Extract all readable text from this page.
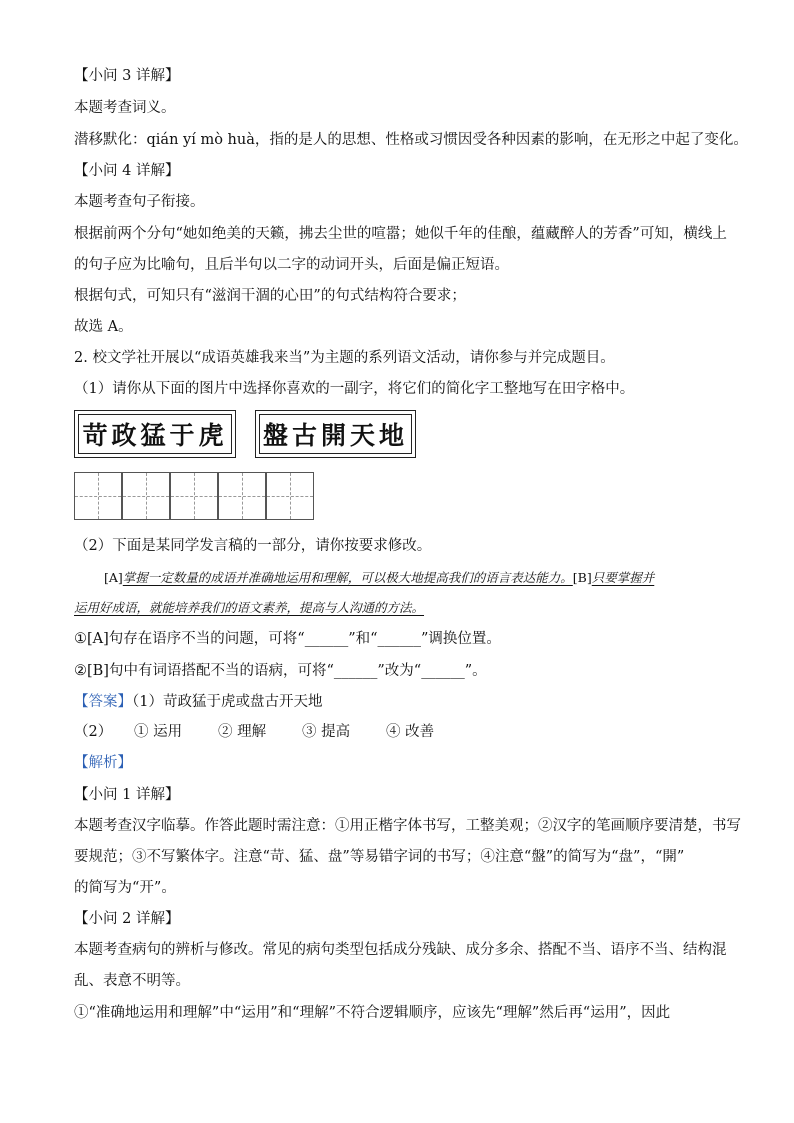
【小问 3 详解】
本题考查词义。
潜移默化：qián yí mò huà，指的是人的思想、性格或习惯因受各种因素的影响，在无形之中起了变化。
【小问 4 详解】
本题考查句子衔接。
根据前两个分句“她如绝美的天籁，拂去尘世的喧嚣；她似千年的佳酿，蕴藏醉人的芳香”可知，横线上
的句子应为比喻句，且后半句以二字的动词开头，后面是偏正短语。
根据句式，可知只有“滋润干涸的心田”的句式结构符合要求；
故选 A。
2. 校文学社开展以“成语英雄我来当”为主题的系列语文活动，请你参与并完成题目。
（1）请你从下面的图片中选择你喜欢的一副字，将它们的简化字工整地写在田字格中。
苛政猛于虎 盤古開天地
（2）下面是某同学发言稿的一部分，请你按要求修改。
[A]掌握一定数量的成语并准确地运用和理解，可以极大地提高我们的语言表达能力。[B]只要掌握并
运用好成语，就能培养我们的语文素养，提高与人沟通的方法。
①[A]句存在语序不当的问题，可将“______”和“______”调换位置。
②[B]句中有词语搭配不当的语病，可将“______”改为“______”。
【答案】（1）苛政猛于虎或盘古开天地
（2） ① 运用 ② 理解 ③ 提高 ④ 改善
【解析】
【小问 1 详解】
本题考查汉字临摹。作答此题时需注意：①用正楷字体书写，工整美观；②汉字的笔画顺序要清楚，书写
要规范；③不写繁体字。注意“苛、猛、盘”等易错字词的书写；④注意“盤”的简写为“盘”，“開”
的简写为“开”。
【小问 2 详解】
本题考查病句的辨析与修改。常见的病句类型包括成分残缺、成分多余、搭配不当、语序不当、结构混
乱、表意不明等。
①“准确地运用和理解”中“运用”和“理解”不符合逻辑顺序，应该先“理解”然后再“运用”，因此
